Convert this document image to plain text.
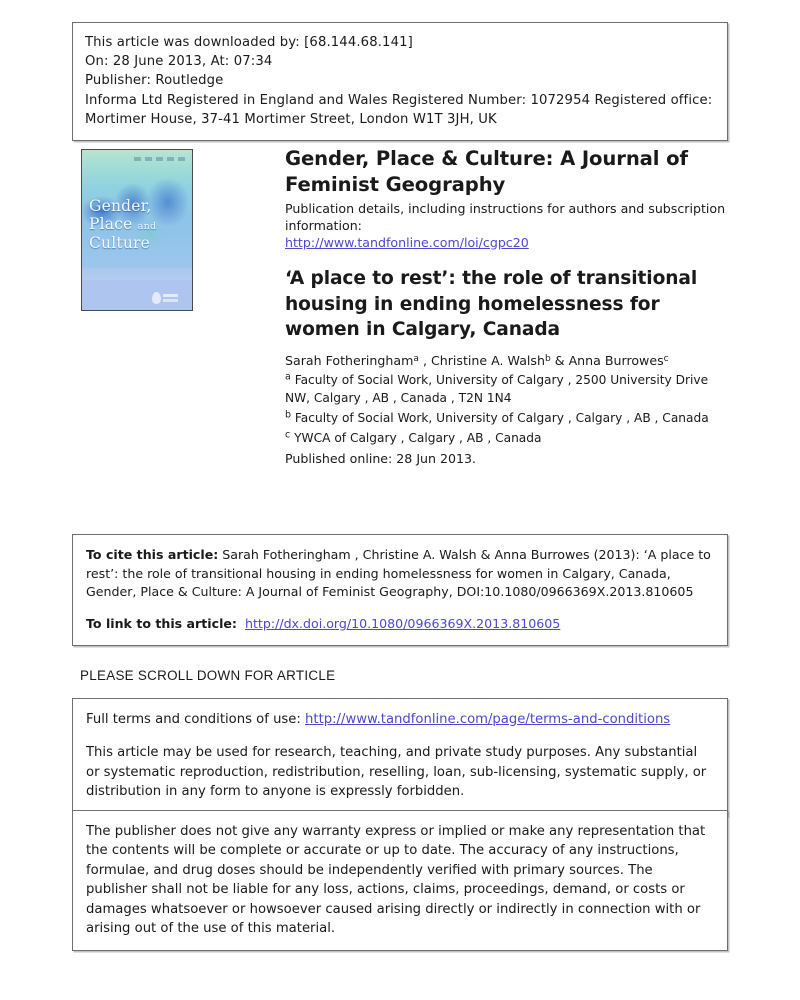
This article was downloaded by: [68.144.68.141]
On: 28 June 2013, At: 07:34
Publisher: Routledge
Informa Ltd Registered in England and Wales Registered Number: 1072954 Registered office: Mortimer House, 37-41 Mortimer Street, London W1T 3JH, UK
Gender,
Place and
Culture
Gender, Place & Culture: A Journal of Feminist Geography
Publication details, including instructions for authors and subscription information:
http://www.tandfonline.com/loi/cgpc20
‘A place to rest’: the role of transitional housing in ending homelessness for women in Calgary, Canada
Sarah Fotheringham$^a$ , Christine A. Walsh$^b$ & Anna Burrowes$^c$
$^a$ Faculty of Social Work, University of Calgary , 2500 University Drive NW, Calgary , AB , Canada , T2N 1N4
$^b$ Faculty of Social Work, University of Calgary , Calgary , AB , Canada
$^c$ YWCA of Calgary , Calgary , AB , Canada
Published online: 28 Jun 2013.

To cite this article: Sarah Fotheringham , Christine A. Walsh & Anna Burrowes (2013): ‘A place to rest’: the role of transitional housing in ending homelessness for women in Calgary, Canada, Gender, Place & Culture: A Journal of Feminist Geography, DOI:10.1080/0966369X.2013.810605

To link to this article: http://dx.doi.org/10.1080/0966369X.2013.810605

PLEASE SCROLL DOWN FOR ARTICLE

Full terms and conditions of use: http://www.tandfonline.com/page/terms-and-conditions

This article may be used for research, teaching, and private study purposes. Any substantial or systematic reproduction, redistribution, reselling, loan, sub-licensing, systematic supply, or distribution in any form to anyone is expressly forbidden.

The publisher does not give any warranty express or implied or make any representation that the contents will be complete or accurate or up to date. The accuracy of any instructions, formulae, and drug doses should be independently verified with primary sources. The publisher shall not be liable for any loss, actions, claims, proceedings, demand, or costs or damages whatsoever or howsoever caused arising directly or indirectly in connection with or arising out of the use of this material.
